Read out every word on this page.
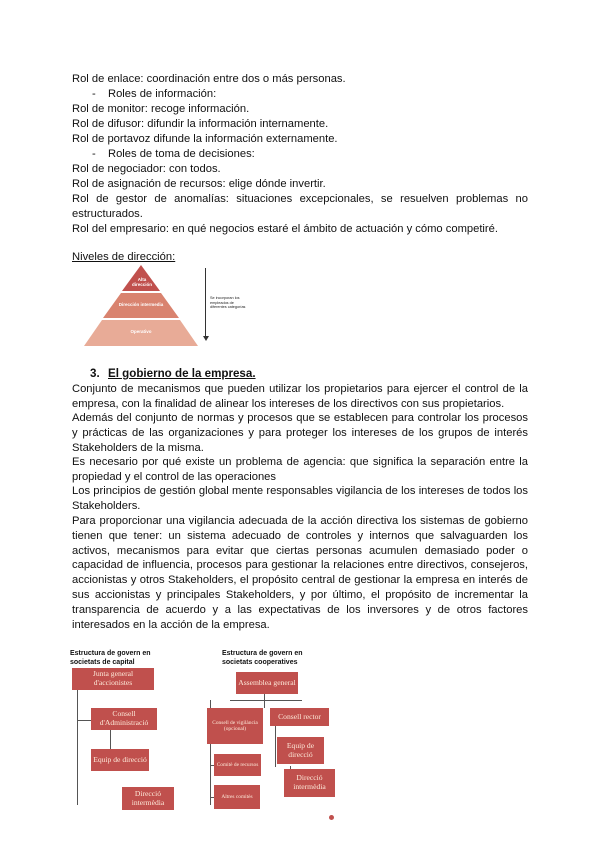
Rol de enlace: coordinación entre dos o más personas.
- Roles de información:
Rol de monitor: recoge información.
Rol de difusor: difundir la información internamente.
Rol de portavoz difunde la información externamente.
- Roles de toma de decisiones:
Rol de negociador: con todos.
Rol de asignación de recursos: elige dónde invertir.
Rol de gestor de anomalías: situaciones excepcionales, se resuelven problemas no estructurados.
Rol del empresario: en qué negocios estaré el ámbito de actuación y cómo competiré.
Niveles de dirección:
Alta dirección
Dirección intermedia
Operativo
Se incorporan los empleados de diferentes categorías
3. El gobierno de la empresa.
Conjunto de mecanismos que pueden utilizar los propietarios para ejercer el control de la empresa, con la finalidad de alinear los intereses de los directivos con sus propietarios.
Además del conjunto de normas y procesos que se establecen para controlar los procesos y prácticas de las organizaciones y para proteger los intereses de los grupos de interés Stakeholders de la misma.
Es necesario por qué existe un problema de agencia: que significa la separación entre la propiedad y el control de las operaciones
Los principios de gestión global mente responsables vigilancia de los intereses de todos los Stakeholders.
Para proporcionar una vigilancia adecuada de la acción directiva los sistemas de gobierno tienen que tener: un sistema adecuado de controles y internos que salvaguarden los activos, mecanismos para evitar que ciertas personas acumulen demasiado poder o capacidad de influencia, procesos para gestionar la relaciones entre directivos, consejeros, accionistas y otros Stakeholders, el propósito central de gestionar la empresa en interés de sus accionistas y principales Stakeholders, y por último, el propósito de incrementar la transparencia de acuerdo y a las expectativas de los inversores y de otros factores interesados en la acción de la empresa.
Estructura de govern en societats de capital
Junta general d'accionistes
Consell d'Administració
Equip de direcció
Direcció intermèdia
Estructura de govern en societats cooperatives
Assemblea general
Consell de vigilància (opcional)
Consell rector
Comitè de recursos
Equip de direcció
Altres comitès
Direcció intermèdia
